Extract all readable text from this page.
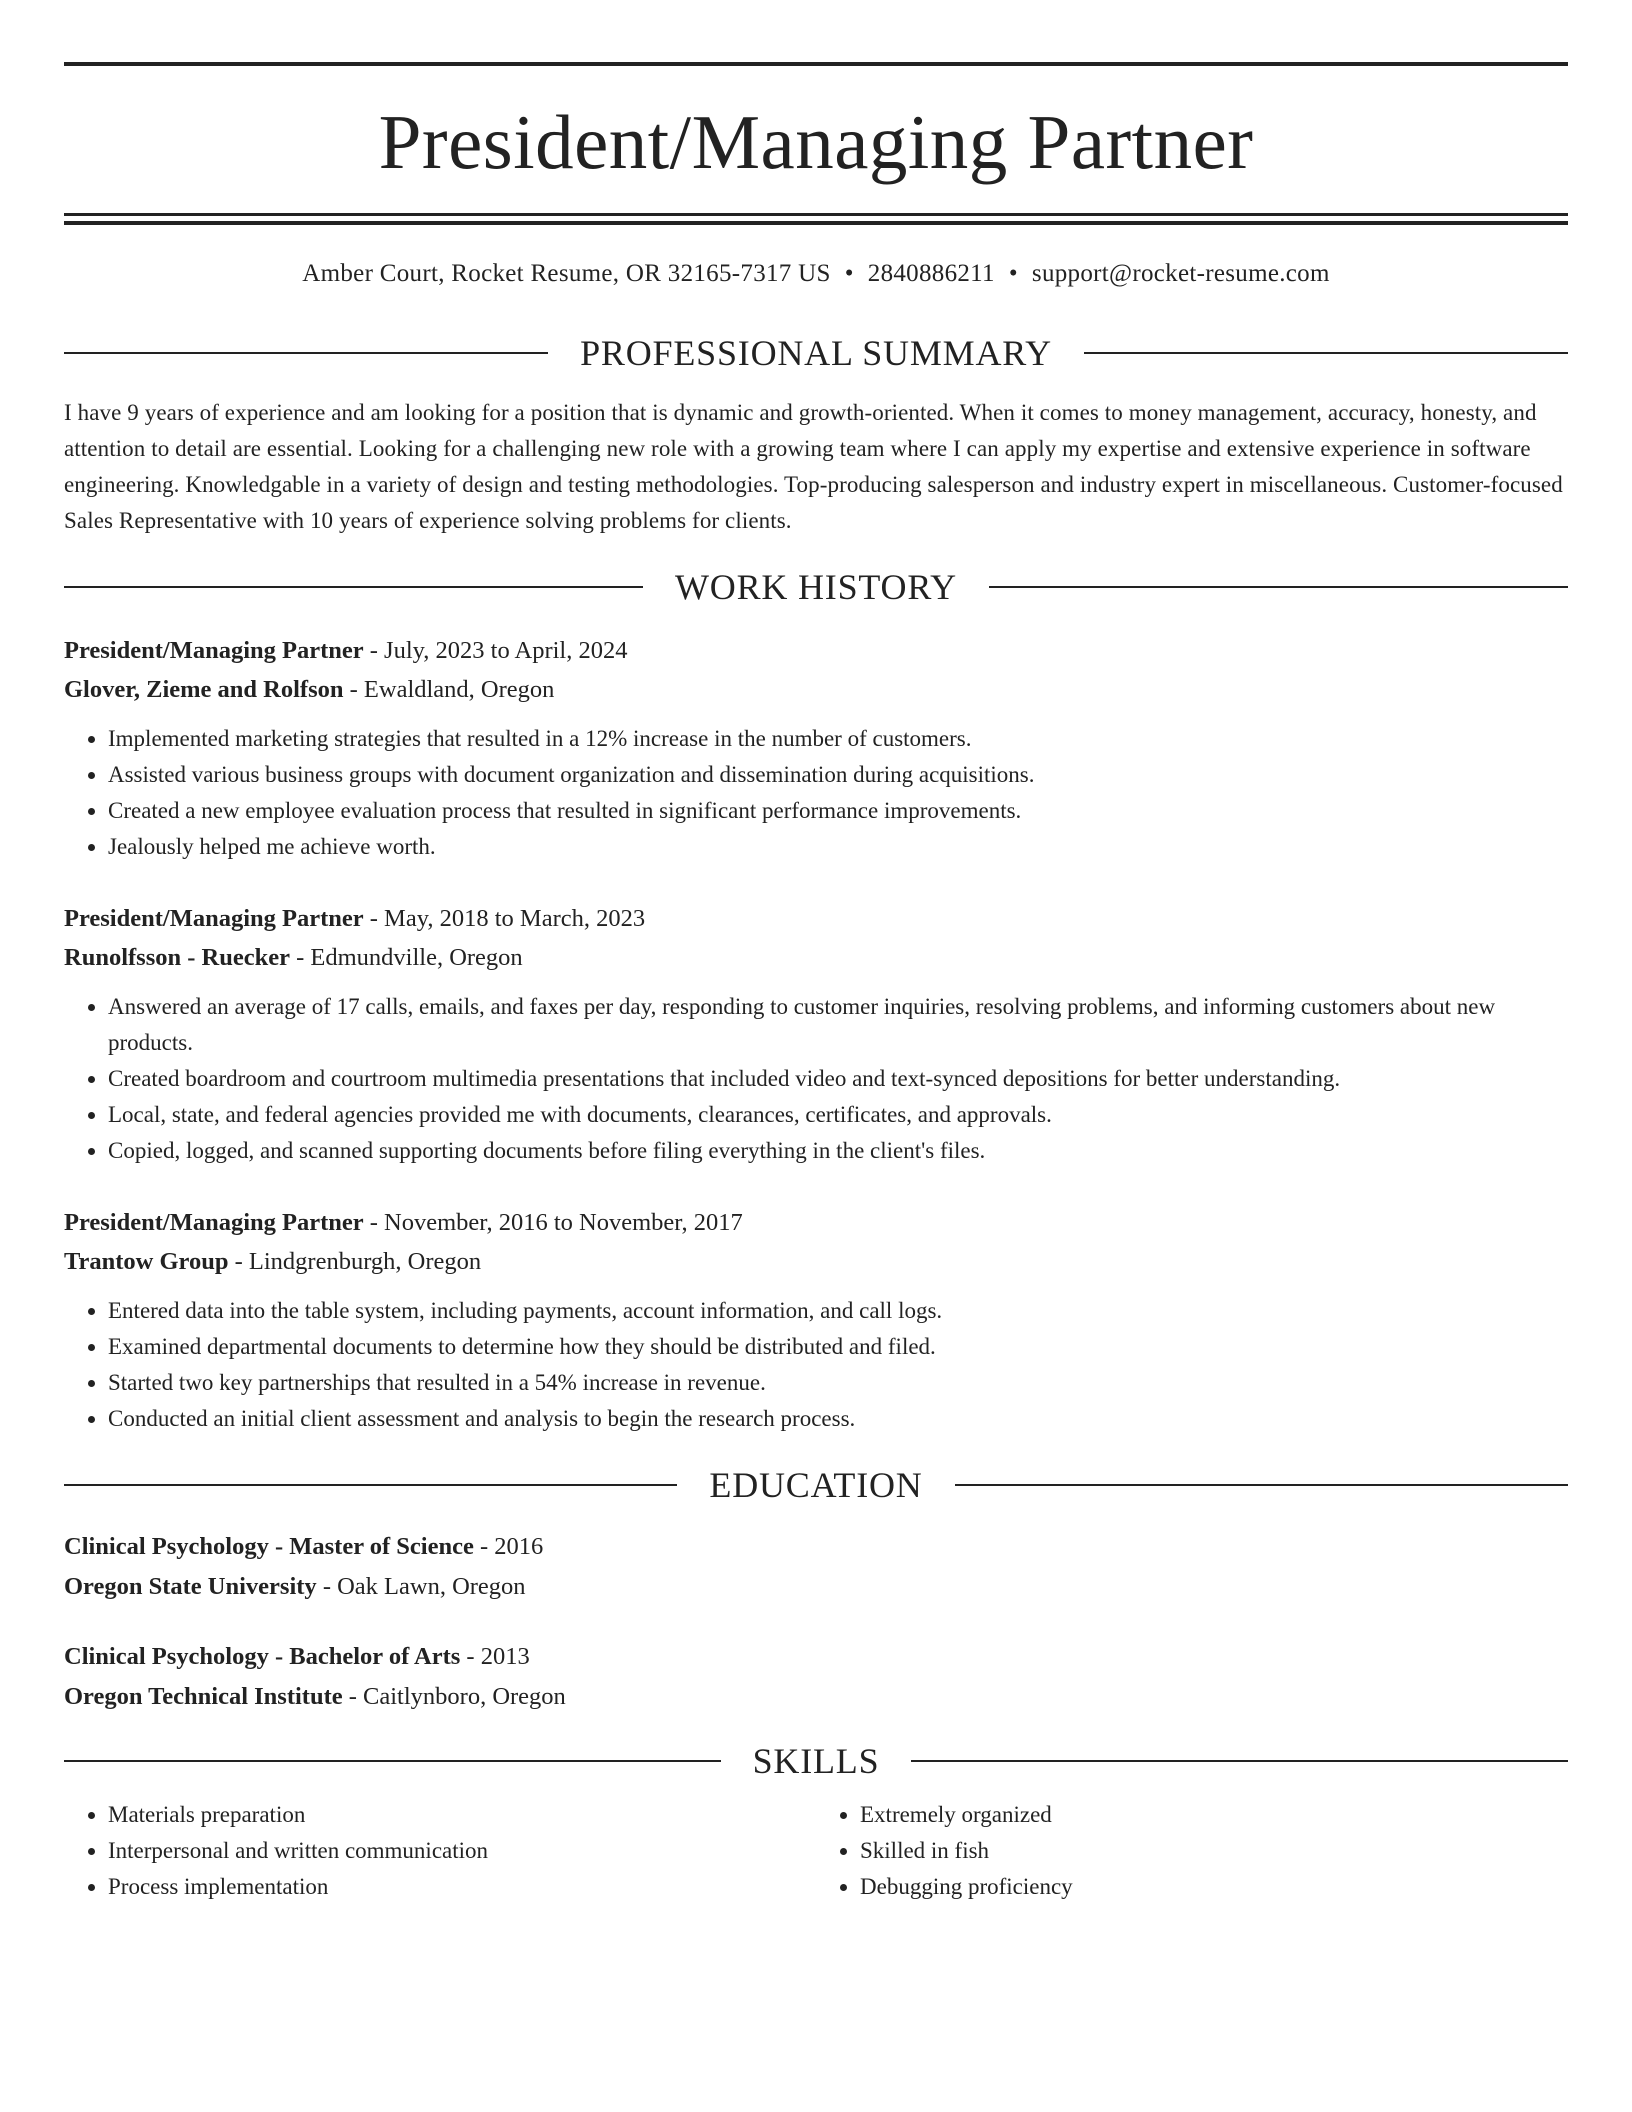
President/Managing Partner
Amber Court, Rocket Resume, OR 32165-7317 US • 2840886211 • support@rocket-resume.com
PROFESSIONAL SUMMARY

I have 9 years of experience and am looking for a position that is dynamic and growth-oriented. When it comes to money management, accuracy, honesty, and attention to detail are essential. Looking for a challenging new role with a growing team where I can apply my expertise and extensive experience in software engineering. Knowledgable in a variety of design and testing methodologies. Top-producing salesperson and industry expert in miscellaneous. Customer-focused Sales Representative with 10 years of experience solving problems for clients.

WORK HISTORY
President/Managing Partner - July, 2023 to April, 2024
Glover, Zieme and Rolfson - Ewaldland, Oregon
• Implemented marketing strategies that resulted in a 12% increase in the number of customers.
• Assisted various business groups with document organization and dissemination during acquisitions.
• Created a new employee evaluation process that resulted in significant performance improvements.
• Jealously helped me achieve worth.
President/Managing Partner - May, 2018 to March, 2023
Runolfsson - Ruecker - Edmundville, Oregon
• Answered an average of 17 calls, emails, and faxes per day, responding to customer inquiries, resolving problems, and informing customers about new products.
• Created boardroom and courtroom multimedia presentations that included video and text-synced depositions for better understanding.
• Local, state, and federal agencies provided me with documents, clearances, certificates, and approvals.
• Copied, logged, and scanned supporting documents before filing everything in the client's files.
President/Managing Partner - November, 2016 to November, 2017
Trantow Group - Lindgrenburgh, Oregon
• Entered data into the table system, including payments, account information, and call logs.
• Examined departmental documents to determine how they should be distributed and filed.
• Started two key partnerships that resulted in a 54% increase in revenue.
• Conducted an initial client assessment and analysis to begin the research process.
EDUCATION
Clinical Psychology - Master of Science - 2016
Oregon State University - Oak Lawn, Oregon
Clinical Psychology - Bachelor of Arts - 2013
Oregon Technical Institute - Caitlynboro, Oregon
SKILLS
• Materials preparation
• Interpersonal and written communication
• Process implementation
• Extremely organized
• Skilled in fish
• Debugging proficiency
